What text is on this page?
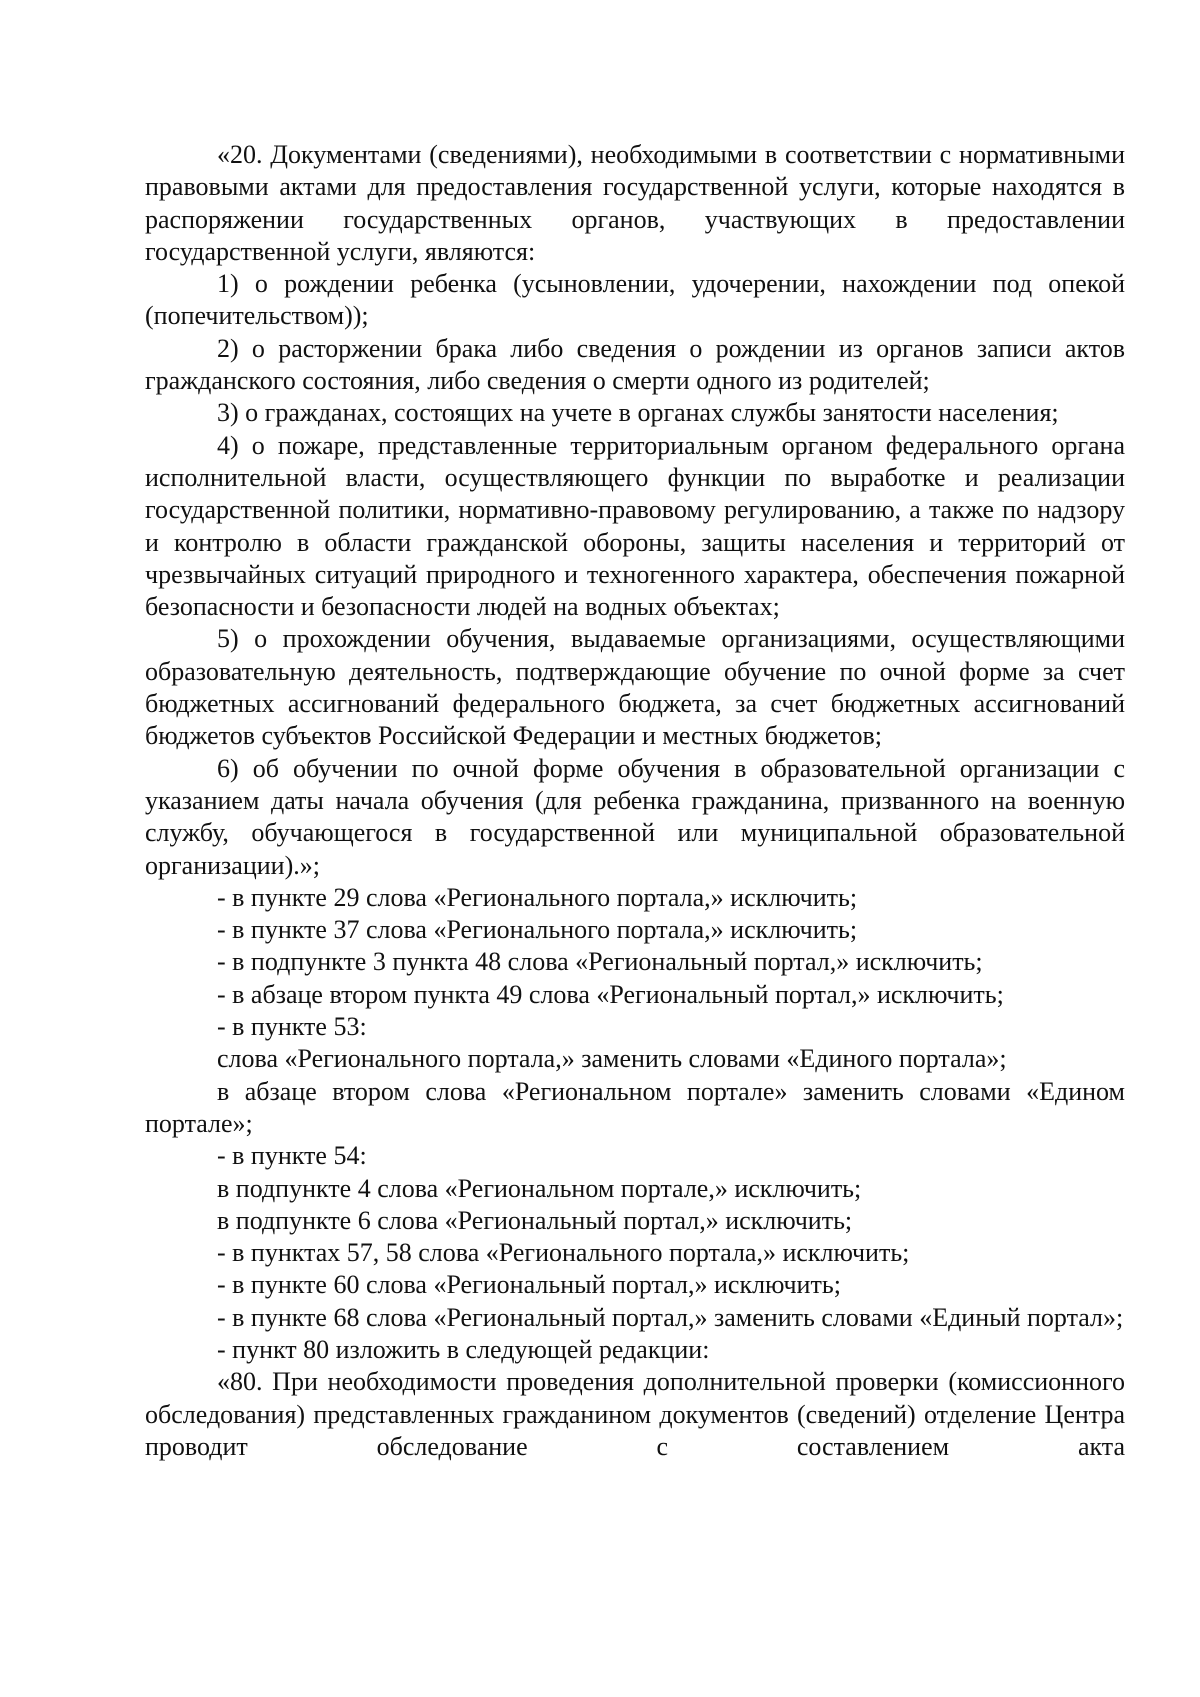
«20. Документами (сведениями), необходимыми в соответствии с нормативными правовыми актами для предоставления государственной услуги, которые находятся в распоряжении государственных органов, участвующих в предоставлении государственной услуги, являются:

1) о рождении ребенка (усыновлении, удочерении, нахождении под опекой (попечительством));

2) о расторжении брака либо сведения о рождении из органов записи актов гражданского состояния, либо сведения о смерти одного из родителей;

3) о гражданах, состоящих на учете в органах службы занятости населения;

4) о пожаре, представленные территориальным органом федерального органа исполнительной власти, осуществляющего функции по выработке и реализации государственной политики, нормативно-правовому регулированию, а также по надзору и контролю в области гражданской обороны, защиты населения и территорий от чрезвычайных ситуаций природного и техногенного характера, обеспечения пожарной безопасности и безопасности людей на водных объектах;

5) о прохождении обучения, выдаваемые организациями, осуществляющими образовательную деятельность, подтверждающие обучение по очной форме за счет бюджетных ассигнований федерального бюджета, за счет бюджетных ассигнований бюджетов субъектов Российской Федерации и местных бюджетов;

6) об обучении по очной форме обучения в образовательной организации с указанием даты начала обучения (для ребенка гражданина, призванного на военную службу, обучающегося в государственной или муниципальной образовательной организации).»;

- в пункте 29 слова «Регионального портала,» исключить;

- в пункте 37 слова «Регионального портала,» исключить;

- в подпункте 3 пункта 48 слова «Региональный портал,» исключить;

- в абзаце втором пункта 49 слова «Региональный портал,» исключить;

- в пункте 53:

слова «Регионального портала,» заменить словами «Единого портала»;

в абзаце втором слова «Региональном портале» заменить словами «Едином портале»;

- в пункте 54:

в подпункте 4 слова «Региональном портале,» исключить;

в подпункте 6 слова «Региональный портал,» исключить;

- в пунктах 57, 58 слова «Регионального портала,» исключить;

- в пункте 60 слова «Региональный портал,» исключить;

- в пункте 68 слова «Региональный портал,» заменить словами «Единый портал»;

- пункт 80 изложить в следующей редакции:

«80. При необходимости проведения дополнительной проверки (комиссионного обследования) представленных гражданином документов (сведений) отделение Центра проводит обследование с составлением акта
